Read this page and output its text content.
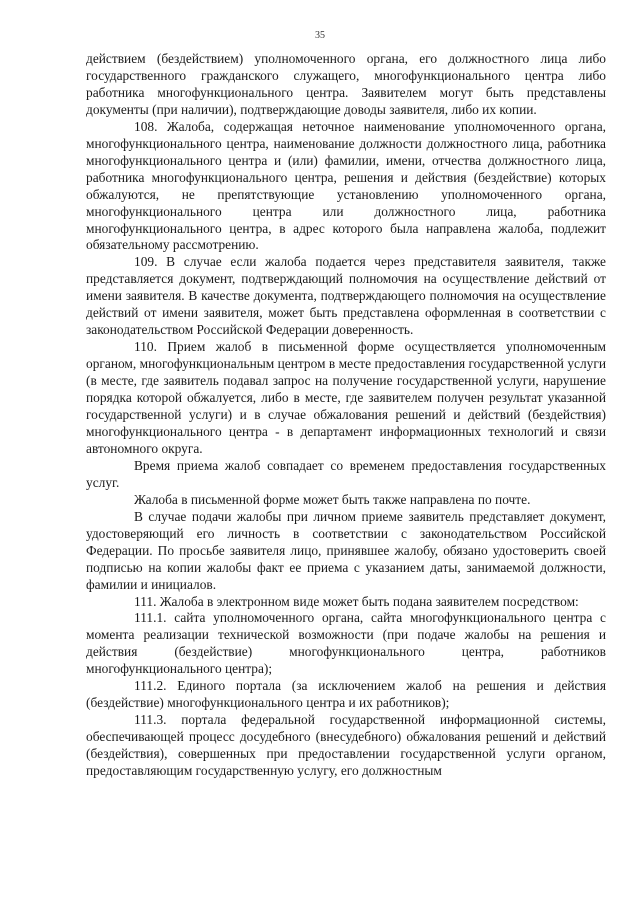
35

действием (бездействием) уполномоченного органа, его должностного лица либо государственного гражданского служащего, многофункционального центра либо работника многофункционального центра. Заявителем могут быть представлены документы (при наличии), подтверждающие доводы заявителя, либо их копии.

108. Жалоба, содержащая неточное наименование уполномоченного органа, многофункционального центра, наименование должности должностного лица, работника многофункционального центра и (или) фамилии, имени, отчества должностного лица, работника многофункционального центра, решения и действия (бездействие) которых обжалуются, не препятствующие установлению уполномоченного органа, многофункционального центра или должностного лица, работника многофункционального центра, в адрес которого была направлена жалоба, подлежит обязательному рассмотрению.

109. В случае если жалоба подается через представителя заявителя, также представляется документ, подтверждающий полномочия на осуществление действий от имени заявителя. В качестве документа, подтверждающего полномочия на осуществление действий от имени заявителя, может быть представлена оформленная в соответствии с законодательством Российской Федерации доверенность.

110. Прием жалоб в письменной форме осуществляется уполномоченным органом, многофункциональным центром в месте предоставления государственной услуги (в месте, где заявитель подавал запрос на получение государственной услуги, нарушение порядка которой обжалуется, либо в месте, где заявителем получен результат указанной государственной услуги) и в случае обжалования решений и действий (бездействия) многофункционального центра - в департамент информационных технологий и связи автономного округа.

Время приема жалоб совпадает со временем предоставления государственных услуг.

Жалоба в письменной форме может быть также направлена по почте.

В случае подачи жалобы при личном приеме заявитель представляет документ, удостоверяющий его личность в соответствии с законодательством Российской Федерации. По просьбе заявителя лицо, принявшее жалобу, обязано удостоверить своей подписью на копии жалобы факт ее приема с указанием даты, занимаемой должности, фамилии и инициалов.

111. Жалоба в электронном виде может быть подана заявителем посредством:

111.1. сайта уполномоченного органа, сайта многофункционального центра с момента реализации технической возможности (при подаче жалобы на решения и действия (бездействие) многофункционального центра, работников многофункционального центра);

111.2. Единого портала (за исключением жалоб на решения и действия (бездействие) многофункционального центра и их работников);

111.3. портала федеральной государственной информационной системы, обеспечивающей процесс досудебного (внесудебного) обжалования решений и действий (бездействия), совершенных при предоставлении государственной услуги органом, предоставляющим государственную услугу, его должностным
